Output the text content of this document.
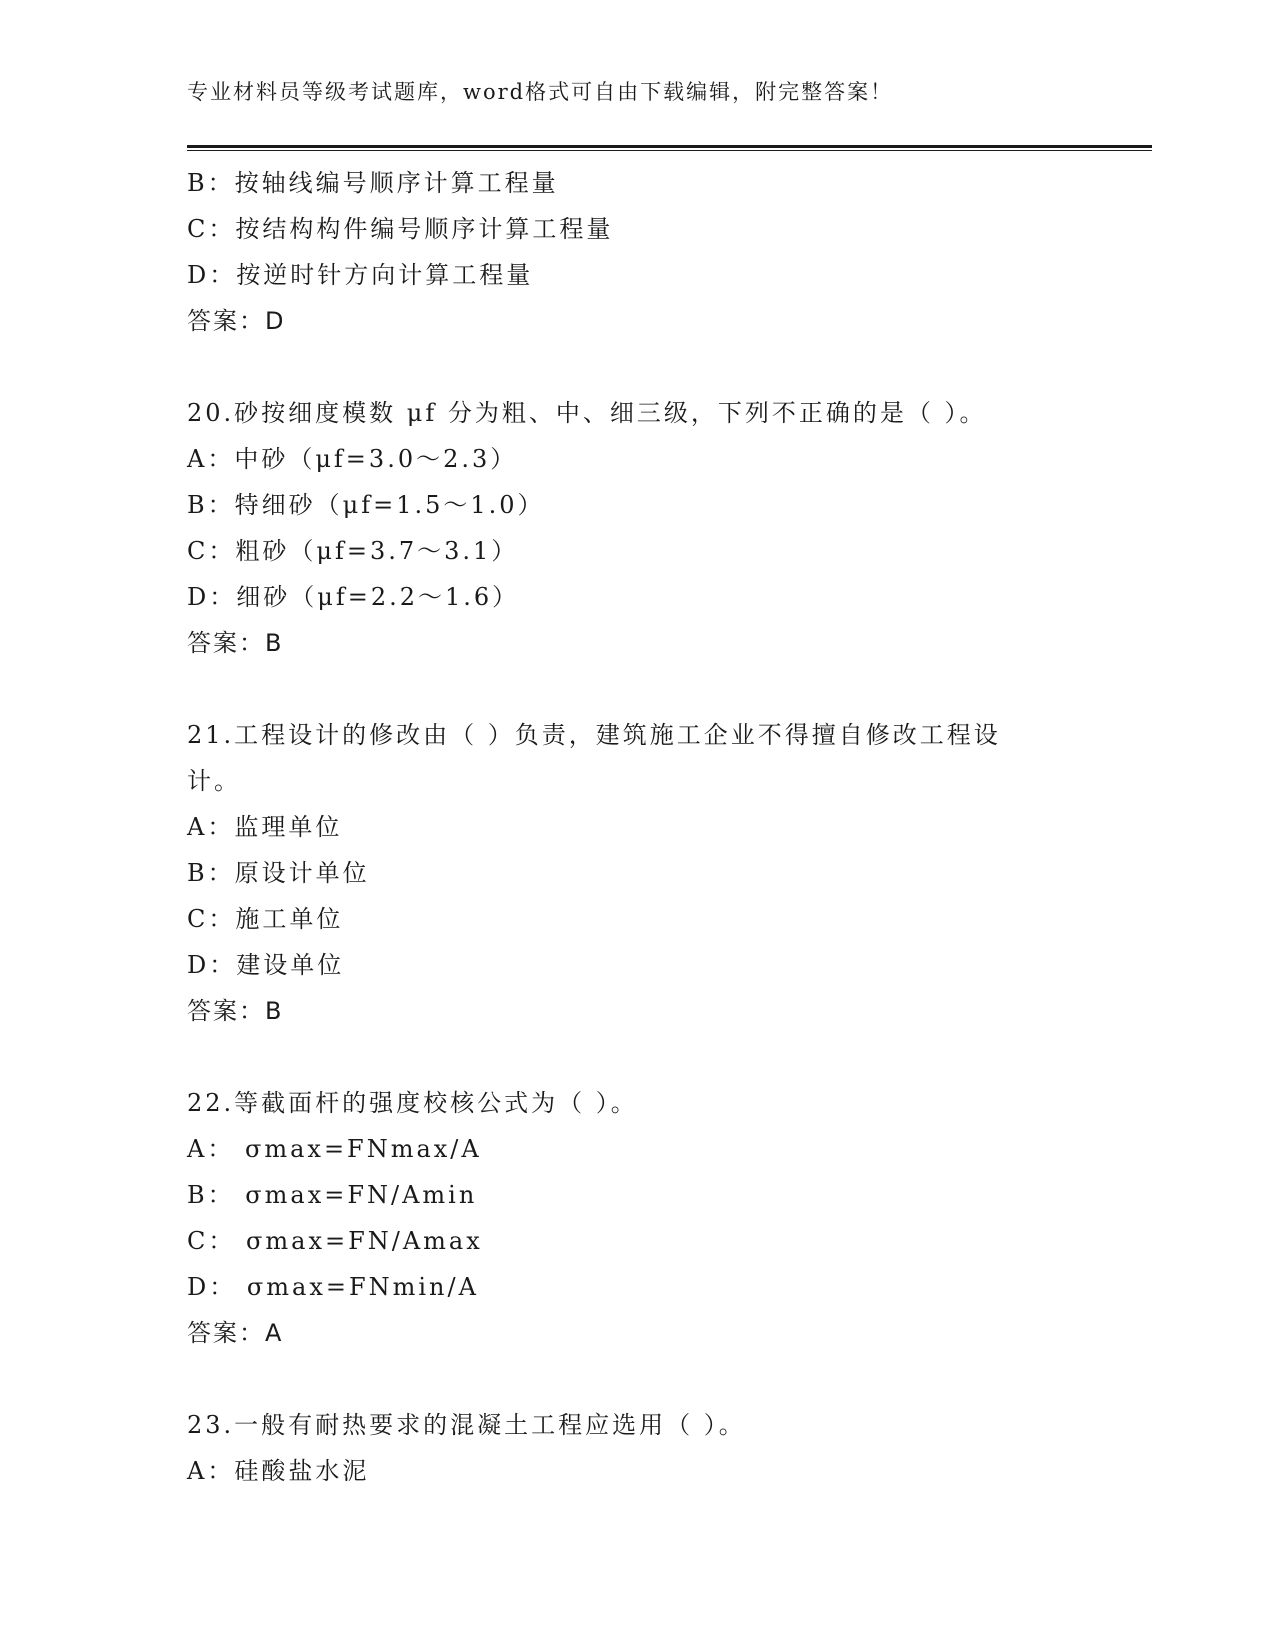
专业材料员等级考试题库，word格式可自由下载编辑，附完整答案！
B：按轴线编号顺序计算工程量
C：按结构构件编号顺序计算工程量
D：按逆时针方向计算工程量
答案：D
20.砂按细度模数 μf 分为粗、中、细三级，下列不正确的是（ ）。
A：中砂（μf=3.0～2.3）
B：特细砂（μf=1.5～1.0）
C：粗砂（μf=3.7～3.1）
D：细砂（μf=2.2～1.6）
答案：B
21.工程设计的修改由（ ）负责，建筑施工企业不得擅自修改工程设
计。
A：监理单位
B：原设计单位
C：施工单位
D：建设单位
答案：B
22.等截面杆的强度校核公式为（ ）。
A： σmax=FNmax/A
B： σmax=FN/Amin
C： σmax=FN/Amax
D： σmax=FNmin/A
答案：A
23.一般有耐热要求的混凝土工程应选用（ ）。
A：硅酸盐水泥
